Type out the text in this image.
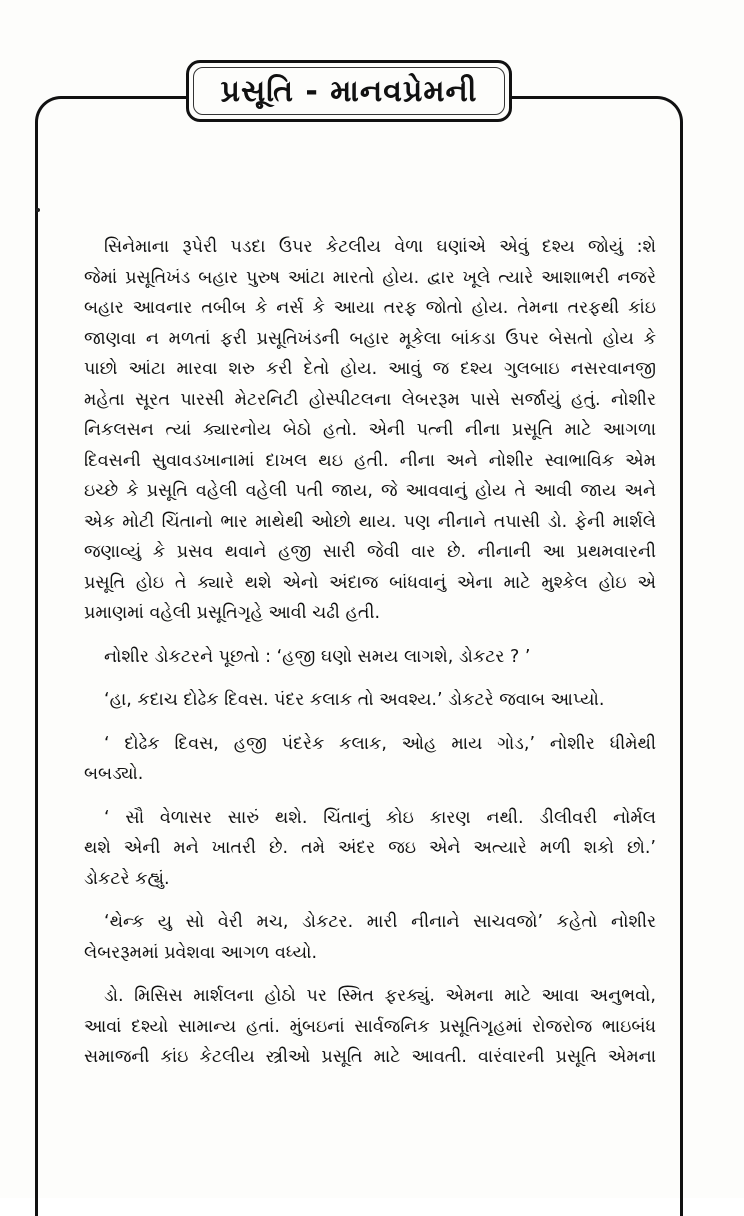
પ્રસૂતિ - માનવપ્રેમની

સિનેમાના રૂપેરી પડદા ઉપર કેટલીય વેળા ઘણાંએ એવું દશ્ય જોયું :શે

જેમાં પ્રસૂતિખંડ બહાર પુરુષ આંટા મારતો હોય. દ્વાર ખૂલે ત્યારે આશાભરી નજરે

બહાર આવનાર તબીબ કે નર્સ કે આયા તરફ જોતો હોય. તેમના તરફથી કાંઇ

જાણવા ન મળતાં ફરી પ્રસૂતિખંડની બહાર મૂકેલા બાંકડા ઉપર બેસતો હોય કે

પાછો આંટા મારવા શરુ કરી દેતો હોય. આવું જ દશ્ય ગુલબાઇ નસરવાનજી

મહેતા સૂરત પારસી મેટરનિટી હોસ્પીટલના લેબરરૂમ પાસે સર્જાયું હતું. નોશીર

નિકલસન ત્યાં ક્યારનોય બેઠો હતો. એની પત્ની નીના પ્રસૂતિ માટે આગળા

દિવસની સુવાવડખાનામાં દાખલ થઇ હતી. નીના અને નોશીર સ્વાભાવિક એમ

ઇચ્છે કે પ્રસૂતિ વહેલી વહેલી પતી જાય, જે આવવાનું હોય તે આવી જાય અને

એક મોટી ચિંતાનો ભાર માથેથી ઓછો થાય. પણ નીનાને તપાસી ડો. ફેની માર્શલે

જણાવ્યું કે પ્રસવ થવાને હજી સારી જેવી વાર છે. નીનાની આ પ્રથમવારની

પ્રસૂતિ હોઇ તે ક્યારે થશે એનો અંદાજ બાંધવાનું એના માટે મુશ્કેલ હોઇ એ

પ્રમાણમાં વહેલી પ્રસૂતિગૃહે આવી ચઢી હતી.

નોશીર ડોકટરને પૂછતો : ‘હજી ઘણો સમય લાગશે, ડોકટર ? ’

‘હા, કદાચ દોઢેક દિવસ. પંદર કલાક તો અવશ્ય.’ ડોકટરે જવાબ આપ્યો.

‘ દોઢેક દિવસ, હજી પંદરેક કલાક, ઓહ માય ગોડ,’ નોશીર ધીમેથી

બબડ્યો.

‘ સૌ વેળાસર સારું થશે. ચિંતાનું કોઇ કારણ નથી. ડીલીવરી નોર્મલ

થશે એની મને ખાતરી છે. તમે અંદર જઇ એને અત્યારે મળી શકો છો.’

ડોકટરે કહ્યું.

‘થેન્ક યુ સો વેરી મચ, ડોકટર. મારી નીનાને સાચવજો’ કહેતો નોશીર

લેબરરૂમમાં પ્રવેશવા આગળ વધ્યો.

ડો. મિસિસ માર્શલના હોઠો પર સ્મિત ફરક્યું. એમના માટે આવા અનુભવો,

આવાં દશ્યો સામાન્ય હતાં. મુંબઇનાં સાર્વજનિક પ્રસૂતિગૃહમાં રોજરોજ ભાઇબંધ

સમાજની કાંઇ કેટલીય સ્ત્રીઓ પ્રસૂતિ માટે આવતી. વારંવારની પ્રસૂતિ એમના
